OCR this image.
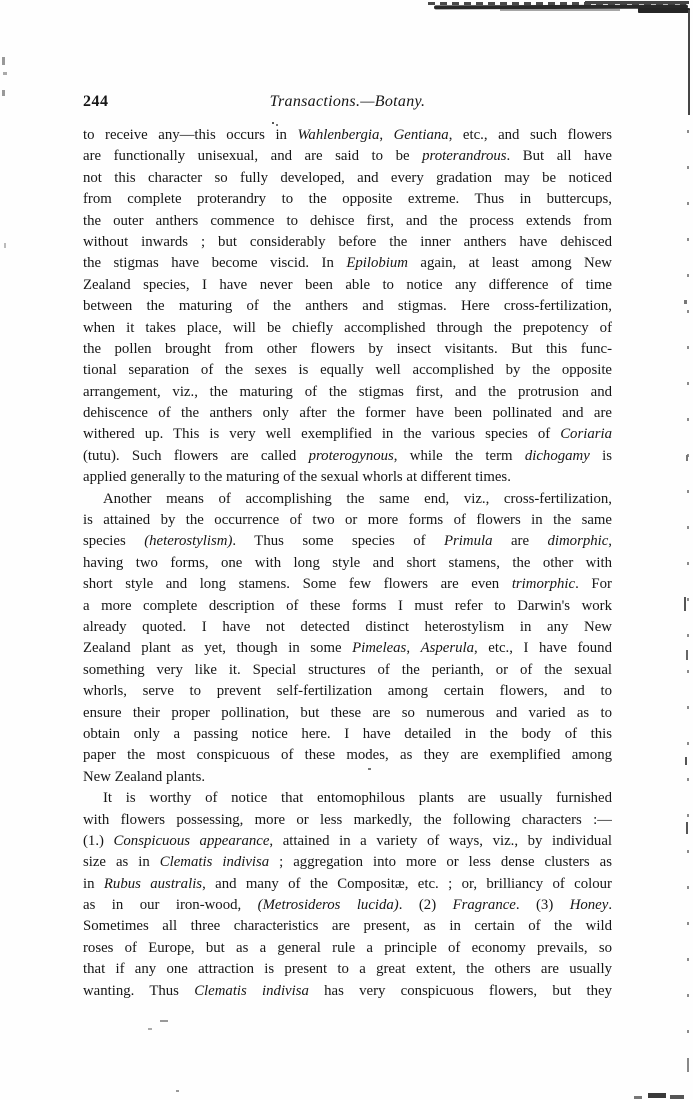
244	Transactions.—Botany.
to receive any—this occurs in Wahlenbergia, Gentiana, etc., and such flowers
are functionally unisexual, and are said to be proterandrous. But all have
not this character so fully developed, and every gradation may be noticed
from complete proterandry to the opposite extreme. Thus in buttercups,
the outer anthers commence to dehisce first, and the process extends from
without inwards ; but considerably before the inner anthers have dehisced
the stigmas have become viscid. In Epilobium again, at least among New
Zealand species, I have never been able to notice any difference of time
between the maturing of the anthers and stigmas. Here cross-fertilization,
when it takes place, will be chiefly accomplished through the prepotency of
the pollen brought from other flowers by insect visitants. But this func-
tional separation of the sexes is equally well accomplished by the opposite
arrangement, viz., the maturing of the stigmas first, and the protrusion and
dehiscence of the anthers only after the former have been pollinated and are
withered up. This is very well exemplified in the various species of Coriaria
(tutu). Such flowers are called proterogynous, while the term dichogamy is
applied generally to the maturing of the sexual whorls at different times.
Another means of accomplishing the same end, viz., cross-fertilization,
is attained by the occurrence of two or more forms of flowers in the same
species (heterostylism). Thus some species of Primula are dimorphic,
having two forms, one with long style and short stamens, the other with
short style and long stamens. Some few flowers are even trimorphic. For
a more complete description of these forms I must refer to Darwin's work
already quoted. I have not detected distinct heterostylism in any New
Zealand plant as yet, though in some Pimeleas, Asperula, etc., I have found
something very like it. Special structures of the perianth, or of the sexual
whorls, serve to prevent self-fertilization among certain flowers, and to
ensure their proper pollination, but these are so numerous and varied as to
obtain only a passing notice here. I have detailed in the body of this
paper the most conspicuous of these modes, as they are exemplified among
New Zealand plants.
It is worthy of notice that entomophilous plants are usually furnished
with flowers possessing, more or less markedly, the following characters :—
(1.) Conspicuous appearance, attained in a variety of ways, viz., by individual
size as in Clematis indivisa ; aggregation into more or less dense clusters as
in Rubus australis, and many of the Compositæ, etc. ; or, brilliancy of colour
as in our iron-wood, (Metrosideros lucida). (2) Fragrance. (3) Honey.
Sometimes all three characteristics are present, as in certain of the wild
roses of Europe, but as a general rule a principle of economy prevails, so
that if any one attraction is present to a great extent, the others are usually
wanting. Thus Clematis indivisa has very conspicuous flowers, but they
